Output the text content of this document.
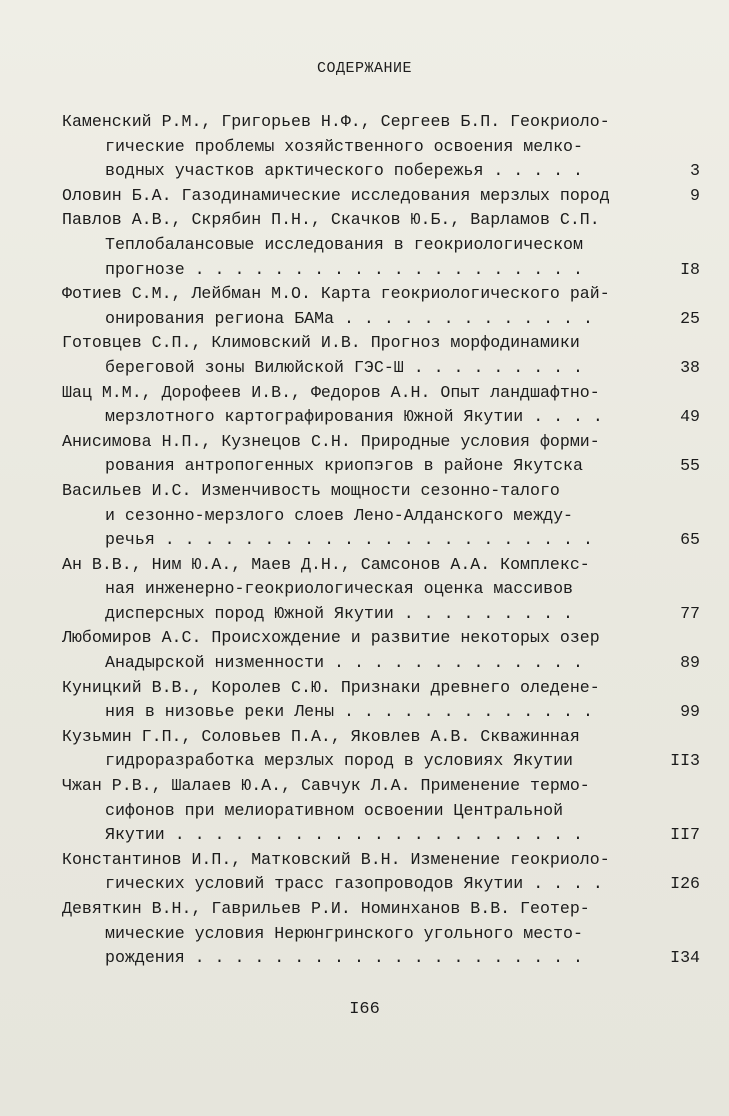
СОДЕРЖАНИЕ
Каменский Р.М., Григорьев Н.Ф., Сергеев Б.П. Геокриоло-
гические проблемы хозяйственного освоения мелко-
водных участков арктического побережья . . . . .	3
Оловин Б.А. Газодинамические исследования мерзлых пород	9
Павлов А.В., Скрябин П.Н., Скачков Ю.Б., Варламов С.П.
Теплобалансовые исследования в геокриологическом
прогнозе . . . . . . . . . . . . . . . . . . . .	I8
Фотиев С.М., Лейбман М.О. Карта геокриологического рай-
онирования региона БАМа . . . . . . . . . . . . .	25
Готовцев С.П., Климовский И.В. Прогноз морфодинамики
береговой зоны Вилюйской ГЭС-Ш . . . . . . . . .	38
Шац М.М., Дорофеев И.В., Федоров А.Н. Опыт ландшафтно-
мерзлотного картографирования Южной Якутии . . . .	49
Анисимова Н.П., Кузнецов С.Н. Природные условия форми-
рования антропогенных криопэгов в районе Якутска	55
Васильев И.С. Изменчивость мощности сезонно-талого
и сезонно-мерзлого слоев Лено-Алданского между-
речья . . . . . . . . . . . . . . . . . . . . . .	65
Ан В.В., Ним Ю.А., Маев Д.Н., Самсонов А.А. Комплекс-
ная инженерно-геокриологическая оценка массивов
дисперсных пород Южной Якутии . . . . . . . . .	77
Любомиров А.С. Происхождение и развитие некоторых озер
Анадырской низменности . . . . . . . . . . . . .	89
Куницкий В.В., Королев С.Ю. Признаки древнего оледене-
ния в низовье реки Лены . . . . . . . . . . . . .	99
Кузьмин Г.П., Соловьев П.А., Яковлев А.В. Скважинная
гидроразработка мерзлых пород в условиях Якутии	II3
Чжан Р.В., Шалаев Ю.А., Савчук Л.А. Применение термо-
сифонов при мелиоративном освоении Центральной
Якутии . . . . . . . . . . . . . . . . . . . . .	II7
Константинов И.П., Матковский В.Н. Изменение геокриоло-
гических условий трасс газопроводов Якутии . . . .	I26
Девяткин В.Н., Гаврильев Р.И. Номинханов В.В. Геотер-
мические условия Нерюнгринского угольного место-
рождения . . . . . . . . . . . . . . . . . . . .	I34
I66
